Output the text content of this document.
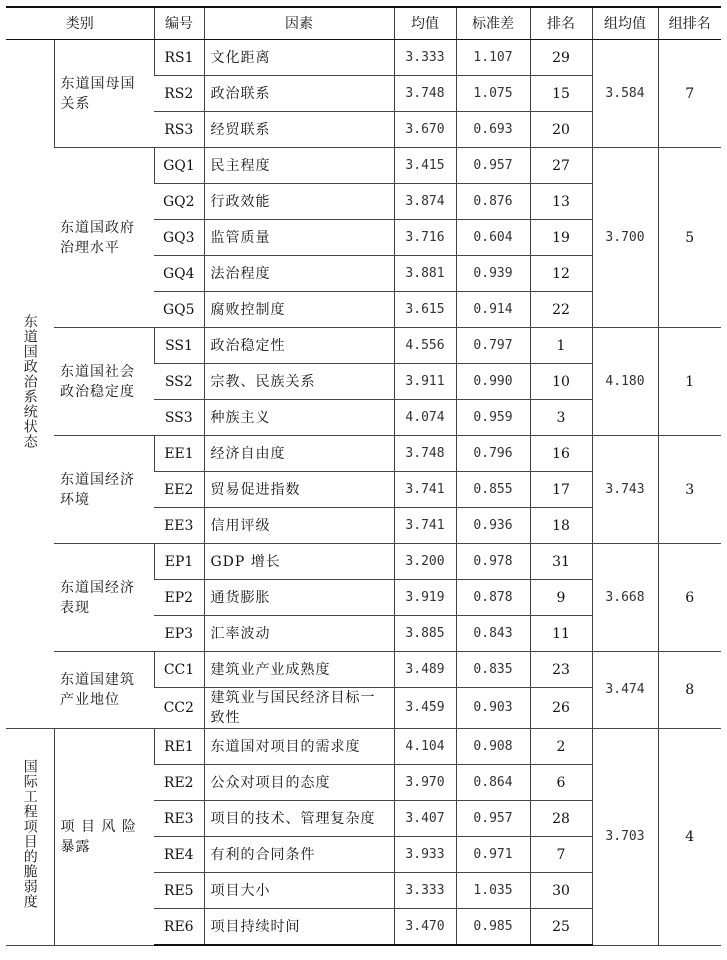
类别		编号	因素	均值	标准差	排名	组均值	组排名
东道国政治系统状态	东道国母国关系	RS1	文化距离	3.333	1.107	29	3.584	7
		RS2	政治联系	3.748	1.075	15		
		RS3	经贸联系	3.670	0.693	20		
	东道国政府治理水平	GQ1	民主程度	3.415	0.957	27	3.700	5
		GQ2	行政效能	3.874	0.876	13		
		GQ3	监管质量	3.716	0.604	19		
		GQ4	法治程度	3.881	0.939	12		
		GQ5	腐败控制度	3.615	0.914	22		
	东道国社会政治稳定度	SS1	政治稳定性	4.556	0.797	1	4.180	1
		SS2	宗教、民族关系	3.911	0.990	10		
		SS3	种族主义	4.074	0.959	3		
	东道国经济环境	EE1	经济自由度	3.748	0.796	16	3.743	3
		EE2	贸易促进指数	3.741	0.855	17		
		EE3	信用评级	3.741	0.936	18		
	东道国经济表现	EP1	GDP 增长	3.200	0.978	31	3.668	6
		EP2	通货膨胀	3.919	0.878	9		
		EP3	汇率波动	3.885	0.843	11		
	东道国建筑产业地位	CC1	建筑业产业成熟度	3.489	0.835	23	3.474	8
		CC2	建筑业与国民经济目标一致性	3.459	0.903	26		
国际工程项目的脆弱度	项 目 风 险 暴露	RE1	东道国对项目的需求度	4.104	0.908	2	3.703	4
		RE2	公众对项目的态度	3.970	0.864	6		
		RE3	项目的技术、管理复杂度	3.407	0.957	28		
		RE4	有利的合同条件	3.933	0.971	7		
		RE5	项目大小	3.333	1.035	30		
		RE6	项目持续时间	3.470	0.985	25		
